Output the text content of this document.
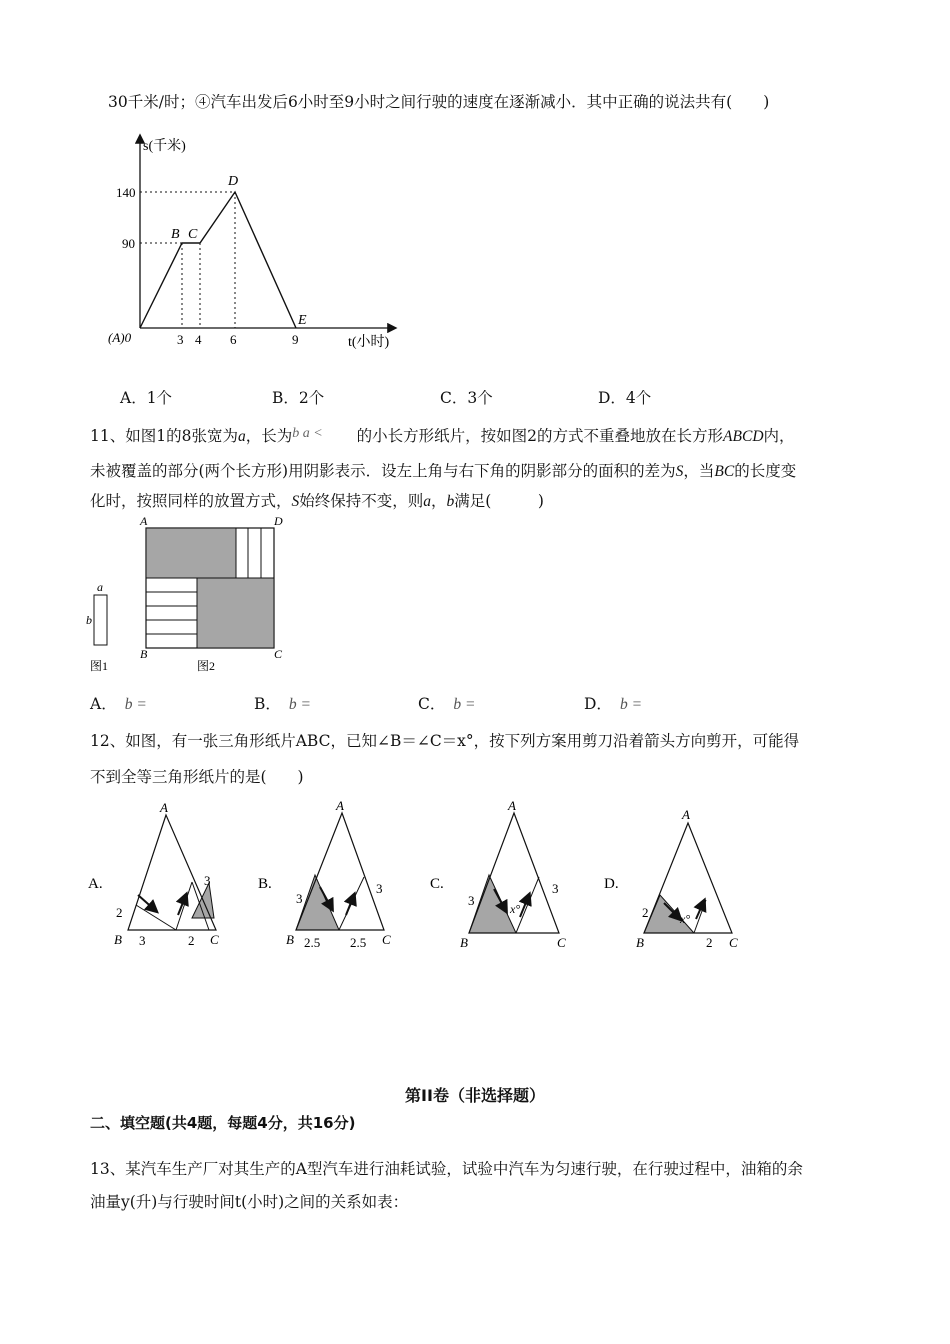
30千米/时；④汽车出发后6小时至9小时之间行驶的速度在逐渐减小．其中正确的说法共有(　　)
s(千米)
t(小时)
(A)0
140
90
3 4 6	9
B C
D
E
A．1个	B．2个	C．3个	D．4个
11、如图1的8张宽为a，长为b a < 的小长方形纸片，按如图2的方式不重叠地放在长方形ABCD内，
未被覆盖的部分(两个长方形)用阴影表示．设左上角与右下角的阴影部分的面积的差为S，当BC的长度变
化时，按照同样的放置方式，S始终保持不变，则a，b满足(　　　)
a
b
图1
A	D
B	C
图2
A． b =	B． b =	C． b =	D． b =
12、如图，有一张三角形纸片ABC，已知∠B＝∠C＝x°，按下列方案用剪刀沿着箭头方向剪开，可能得
不到全等三角形纸片的是(　　)
A.
A
B	C
2
3	2
3	B.
A
B	C
3
2.5 2.5
3	C.
A
B	C
3
x°
3	D.
A
B	C
2	x°
2
第II卷（非选择题）
二、填空题(共4题，每题4分，共16分)
13、某汽车生产厂对其生产的A型汽车进行油耗试验，试验中汽车为匀速行驶，在行驶过程中，油箱的余
油量y(升)与行驶时间t(小时)之间的关系如表：
